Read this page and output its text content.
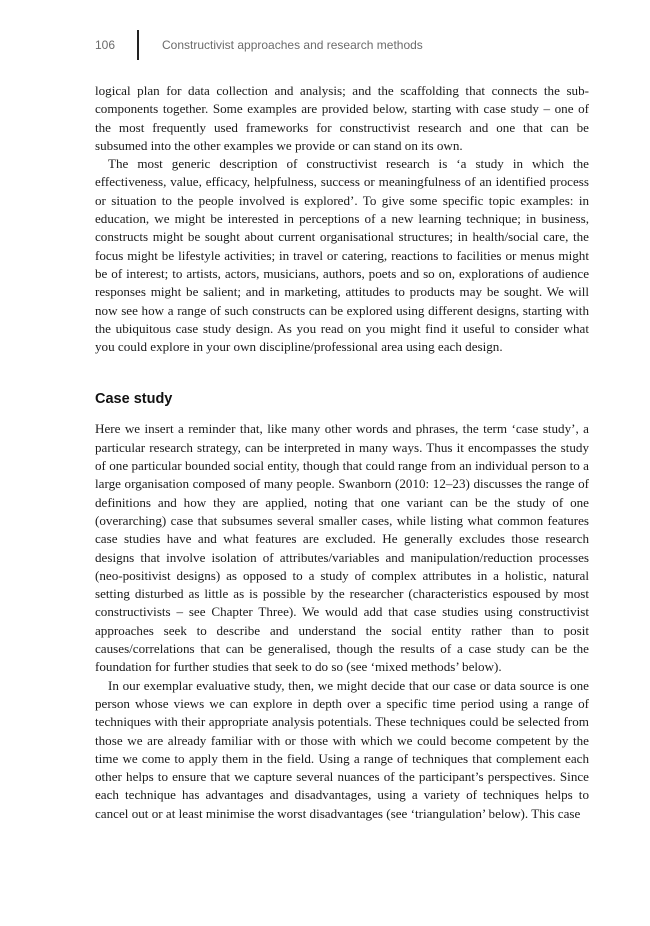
106	Constructivist approaches and research methods

logical plan for data collection and analysis; and the scaffolding that connects the sub-components together. Some examples are provided below, starting with case study – one of the most frequently used frameworks for constructivist research and one that can be subsumed into the other examples we provide or can stand on its own.

The most generic description of constructivist research is ‘a study in which the effectiveness, value, efficacy, helpfulness, success or meaningfulness of an identified process or situation to the people involved is explored’. To give some specific topic examples: in education, we might be interested in perceptions of a new learning technique; in business, constructs might be sought about current organisational structures; in health/social care, the focus might be lifestyle activities; in travel or catering, reactions to facilities or menus might be of interest; to artists, actors, musicians, authors, poets and so on, explorations of audience responses might be salient; and in marketing, attitudes to products may be sought. We will now see how a range of such constructs can be explored using different designs, starting with the ubiquitous case study design. As you read on you might find it useful to consider what you could explore in your own discipline/professional area using each design.

Case study

Here we insert a reminder that, like many other words and phrases, the term ‘case study’, a particular research strategy, can be interpreted in many ways. Thus it encompasses the study of one particular bounded social entity, though that could range from an individual person to a large organisation composed of many people. Swanborn (2010: 12–23) discusses the range of definitions and how they are applied, noting that one variant can be the study of one (overarching) case that subsumes several smaller cases, while listing what common features case studies have and what features are excluded. He generally excludes those research designs that involve isolation of attributes/variables and manipulation/reduction processes (neo-positivist designs) as opposed to a study of complex attributes in a holistic, natural setting disturbed as little as is possible by the researcher (characteristics espoused by most constructivists – see Chapter Three). We would add that case studies using constructivist approaches seek to describe and understand the social entity rather than to posit causes/correlations that can be generalised, though the results of a case study can be the foundation for further studies that seek to do so (see ‘mixed methods’ below).

In our exemplar evaluative study, then, we might decide that our case or data source is one person whose views we can explore in depth over a specific time period using a range of techniques with their appropriate analysis potentials. These techniques could be selected from those we are already familiar with or those with which we could become competent by the time we come to apply them in the field. Using a range of techniques that complement each other helps to ensure that we capture several nuances of the participant’s perspectives. Since each technique has advantages and disadvantages, using a variety of techniques helps to cancel out or at least minimise the worst disadvantages (see ‘triangulation’ below). This case
